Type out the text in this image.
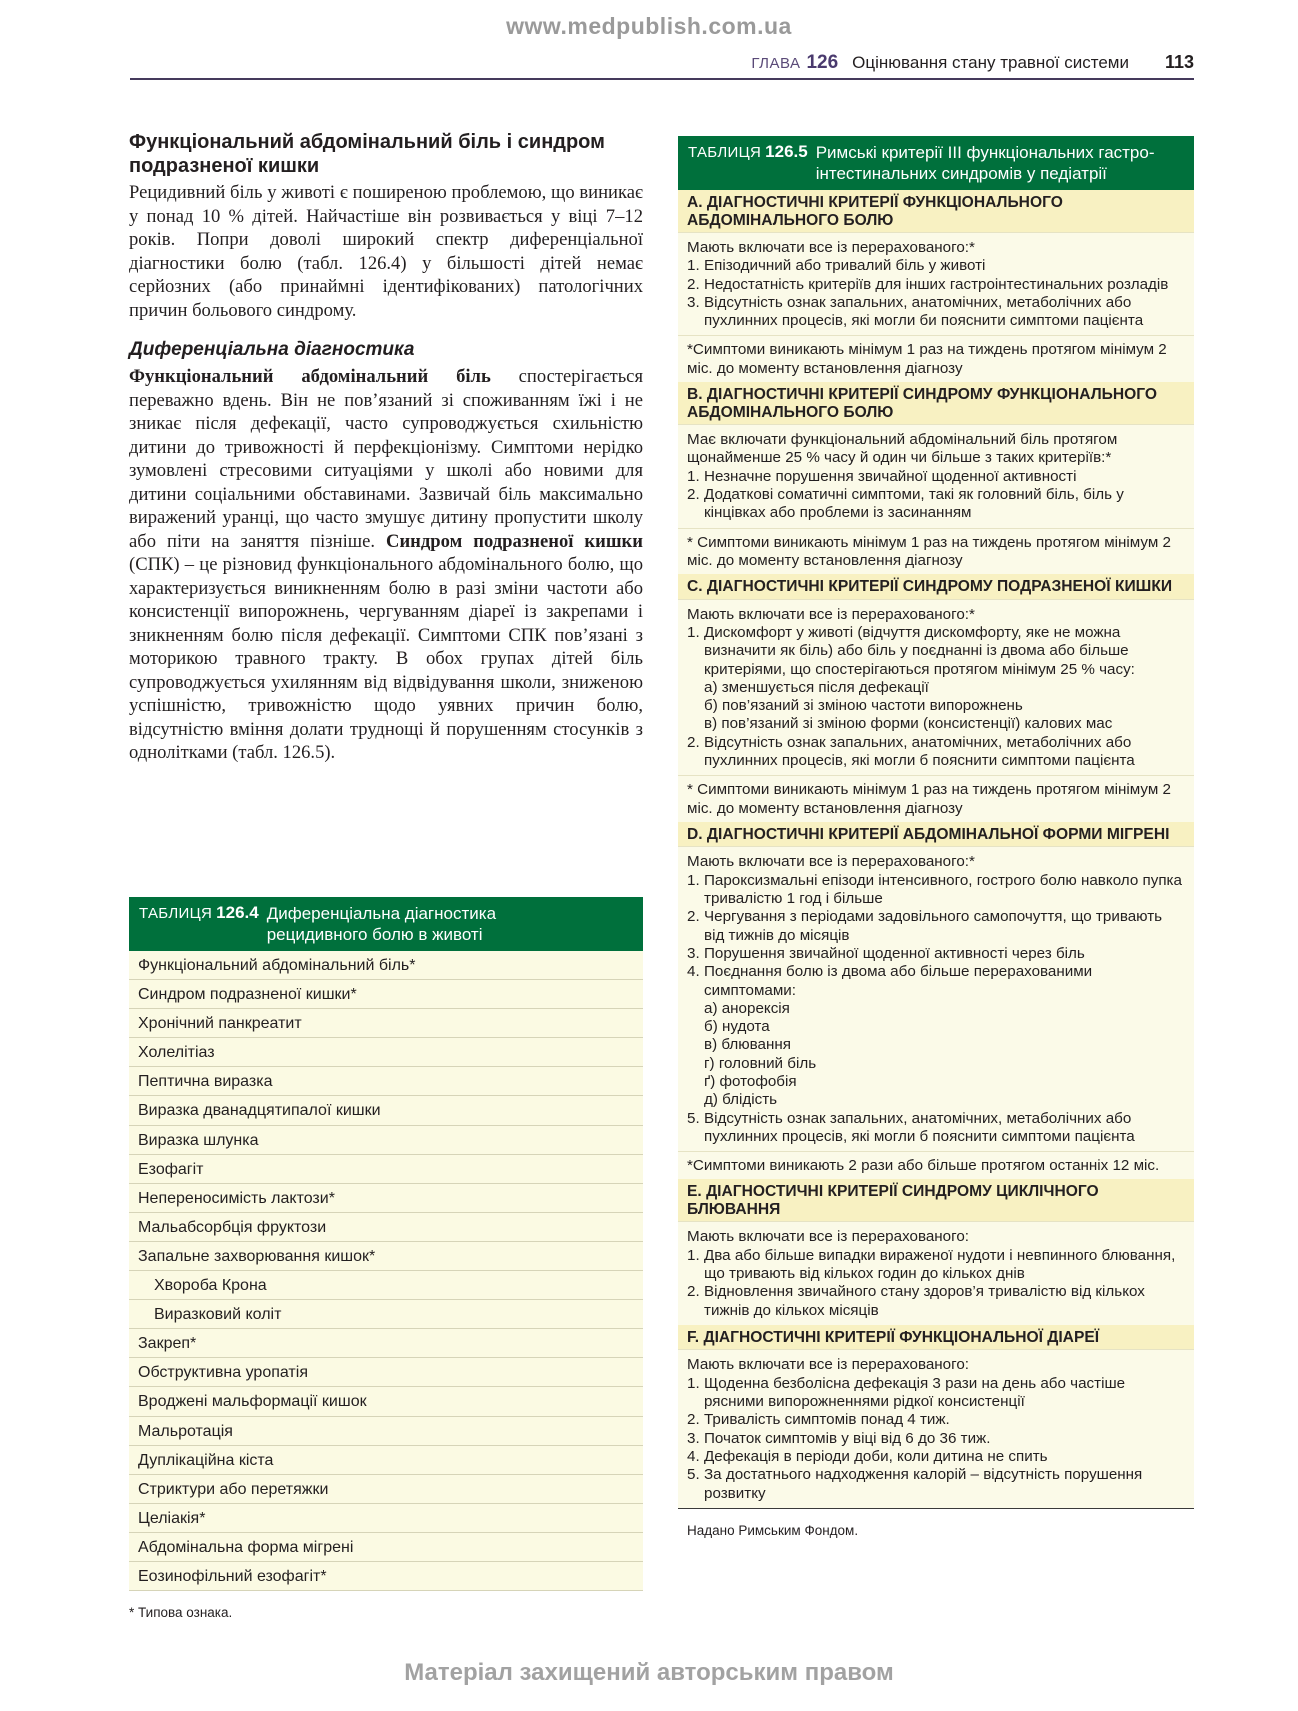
www.medpublish.com.ua
ГЛАВА 126 Оцінювання стану травної системи 113
Функціональний абдомінальний біль і синдром подразненої кишки

Рецидивний біль у животі є поширеною проблемою, що виникає у понад 10 % дітей. Найчастіше він розвивається у віці 7–12 років. Попри доволі широкий спектр диференціальної діагностики болю (табл. 126.4) у більшості дітей немає серйозних (або принаймні ідентифікованих) патологічних причин больового синдрому.

Диференціальна діагностика

Функціональний абдомінальний біль спостерігається переважно вдень. Він не пов’язаний зі споживанням їжі і не зникає після дефекації, часто супроводжується схильністю дитини до тривожності й перфекціонізму. Симптоми нерідко зумовлені стресовими ситуаціями у школі або новими для дитини соціальними обставинами. Зазвичай біль максимально виражений уранці, що часто змушує дитину пропустити школу або піти на заняття пізніше. Синдром подразненої кишки (СПК) – це різновид функціонального абдомінального болю, що характеризується виникненням болю в разі зміни частоти або консистенції випорожнень, чергуванням діареї із закрепами і зникненням болю після дефекації. Симптоми СПК пов’язані з моторикою травного тракту. В обох групах дітей біль супроводжується ухилянням від відвідування школи, зниженою успішністю, тривожністю щодо уявних причин болю, відсутністю вміння долати труднощі й порушенням стосунків з однолітками (табл. 126.5).

ТАБЛИЦЯ 126.4 Диференціальна діагностика
рецидивного болю в животі
Функціональний абдомінальний біль*
Синдром подразненої кишки*
Хронічний панкреатит
Холелітіаз
Пептична виразка
Виразка дванадцятипалої кишки
Виразка шлунка
Езофагіт
Непереносимість лактози*
Мальабсорбція фруктози
Запальне захворювання кишок*
Хвороба Крона
Виразковий коліт
Закреп*
Обструктивна уропатія
Вроджені мальформації кишок
Мальротація
Дуплікаційна кіста
Стриктури або перетяжки
Целіакія*
Абдомінальна форма мігрені
Еозинофільний езофагіт*
* Типова ознака.
ТАБЛИЦЯ 126.5 Римські критерії ІІІ функціональних гастро-
інтестинальних синдромів у педіатрії
A. ДІАГНОСТИЧНІ КРИТЕРІЇ ФУНКЦІОНАЛЬНОГО АБДОМІНАЛЬНОГО БОЛЮ
Мають включати все із перерахованого:*
1. Епізодичний або тривалий біль у животі
2. Недостатність критеріїв для інших гастроінтестинальних розладів
3. Відсутність ознак запальних, анатомічних, метаболічних або пухлинних процесів, які могли би пояснити симптоми пацієнта
*Симптоми виникають мінімум 1 раз на тиждень протягом мінімум 2 міс. до моменту встановлення діагнозу
B. ДІАГНОСТИЧНІ КРИТЕРІЇ СИНДРОМУ ФУНКЦІОНАЛЬНОГО АБДОМІНАЛЬНОГО БОЛЮ
Має включати функціональний абдомінальний біль протягом щонайменше 25 % часу й один чи більше з таких критеріїв:*
1. Незначне порушення звичайної щоденної активності
2. Додаткові соматичні симптоми, такі як головний біль, біль у кінцівках або проблеми із засинанням
* Симптоми виникають мінімум 1 раз на тиждень протягом мінімум 2 міс. до моменту встановлення діагнозу
C. ДІАГНОСТИЧНІ КРИТЕРІЇ СИНДРОМУ ПОДРАЗНЕНОЇ КИШКИ
Мають включати все із перерахованого:*
1. Дискомфорт у животі (відчуття дискомфорту, яке не можна визначити як біль) або біль у поєднанні із двома або більше критеріями, що спостерігаються протягом мінімум 25 % часу:
а) зменшується після дефекації
б) пов’язаний зі зміною частоти випорожнень
в) пов’язаний зі зміною форми (консистенції) калових мас
2. Відсутність ознак запальних, анатомічних, метаболічних або пухлинних процесів, які могли б пояснити симптоми пацієнта
* Симптоми виникають мінімум 1 раз на тиждень протягом мінімум 2 міс. до моменту встановлення діагнозу
D. ДІАГНОСТИЧНІ КРИТЕРІЇ АБДОМІНАЛЬНОЇ ФОРМИ МІГРЕНІ
Мають включати все із перерахованого:*
1. Пароксизмальні епізоди інтенсивного, гострого болю навколо пупка тривалістю 1 год і більше
2. Чергування з періодами задовільного самопочуття, що тривають від тижнів до місяців
3. Порушення звичайної щоденної активності через біль
4. Поєднання болю із двома або більше перерахованими симптомами:
а) анорексія
б) нудота
в) блювання
г) головний біль
ґ) фотофобія
д) блідість
5. Відсутність ознак запальних, анатомічних, метаболічних або пухлинних процесів, які могли б пояснити симптоми пацієнта
*Симптоми виникають 2 рази або більше протягом останніх 12 міс.
E. ДІАГНОСТИЧНІ КРИТЕРІЇ СИНДРОМУ ЦИКЛІЧНОГО БЛЮВАННЯ
Мають включати все із перерахованого:
1. Два або більше випадки вираженої нудоти і невпинного блювання, що тривають від кількох годин до кількох днів
2. Відновлення звичайного стану здоров’я тривалістю від кількох тижнів до кількох місяців
F. ДІАГНОСТИЧНІ КРИТЕРІЇ ФУНКЦІОНАЛЬНОЇ ДІАРЕЇ
Мають включати все із перерахованого:
1. Щоденна безболісна дефекація 3 рази на день або частіше рясними випорожненнями рідкої консистенції
2. Тривалість симптомів понад 4 тиж.
3. Початок симптомів у віці від 6 до 36 тиж.
4. Дефекація в періоди доби, коли дитина не спить
5. За достатнього надходження калорій – відсутність порушення розвитку
Надано Римським Фондом.
Матеріал захищений авторським правом
